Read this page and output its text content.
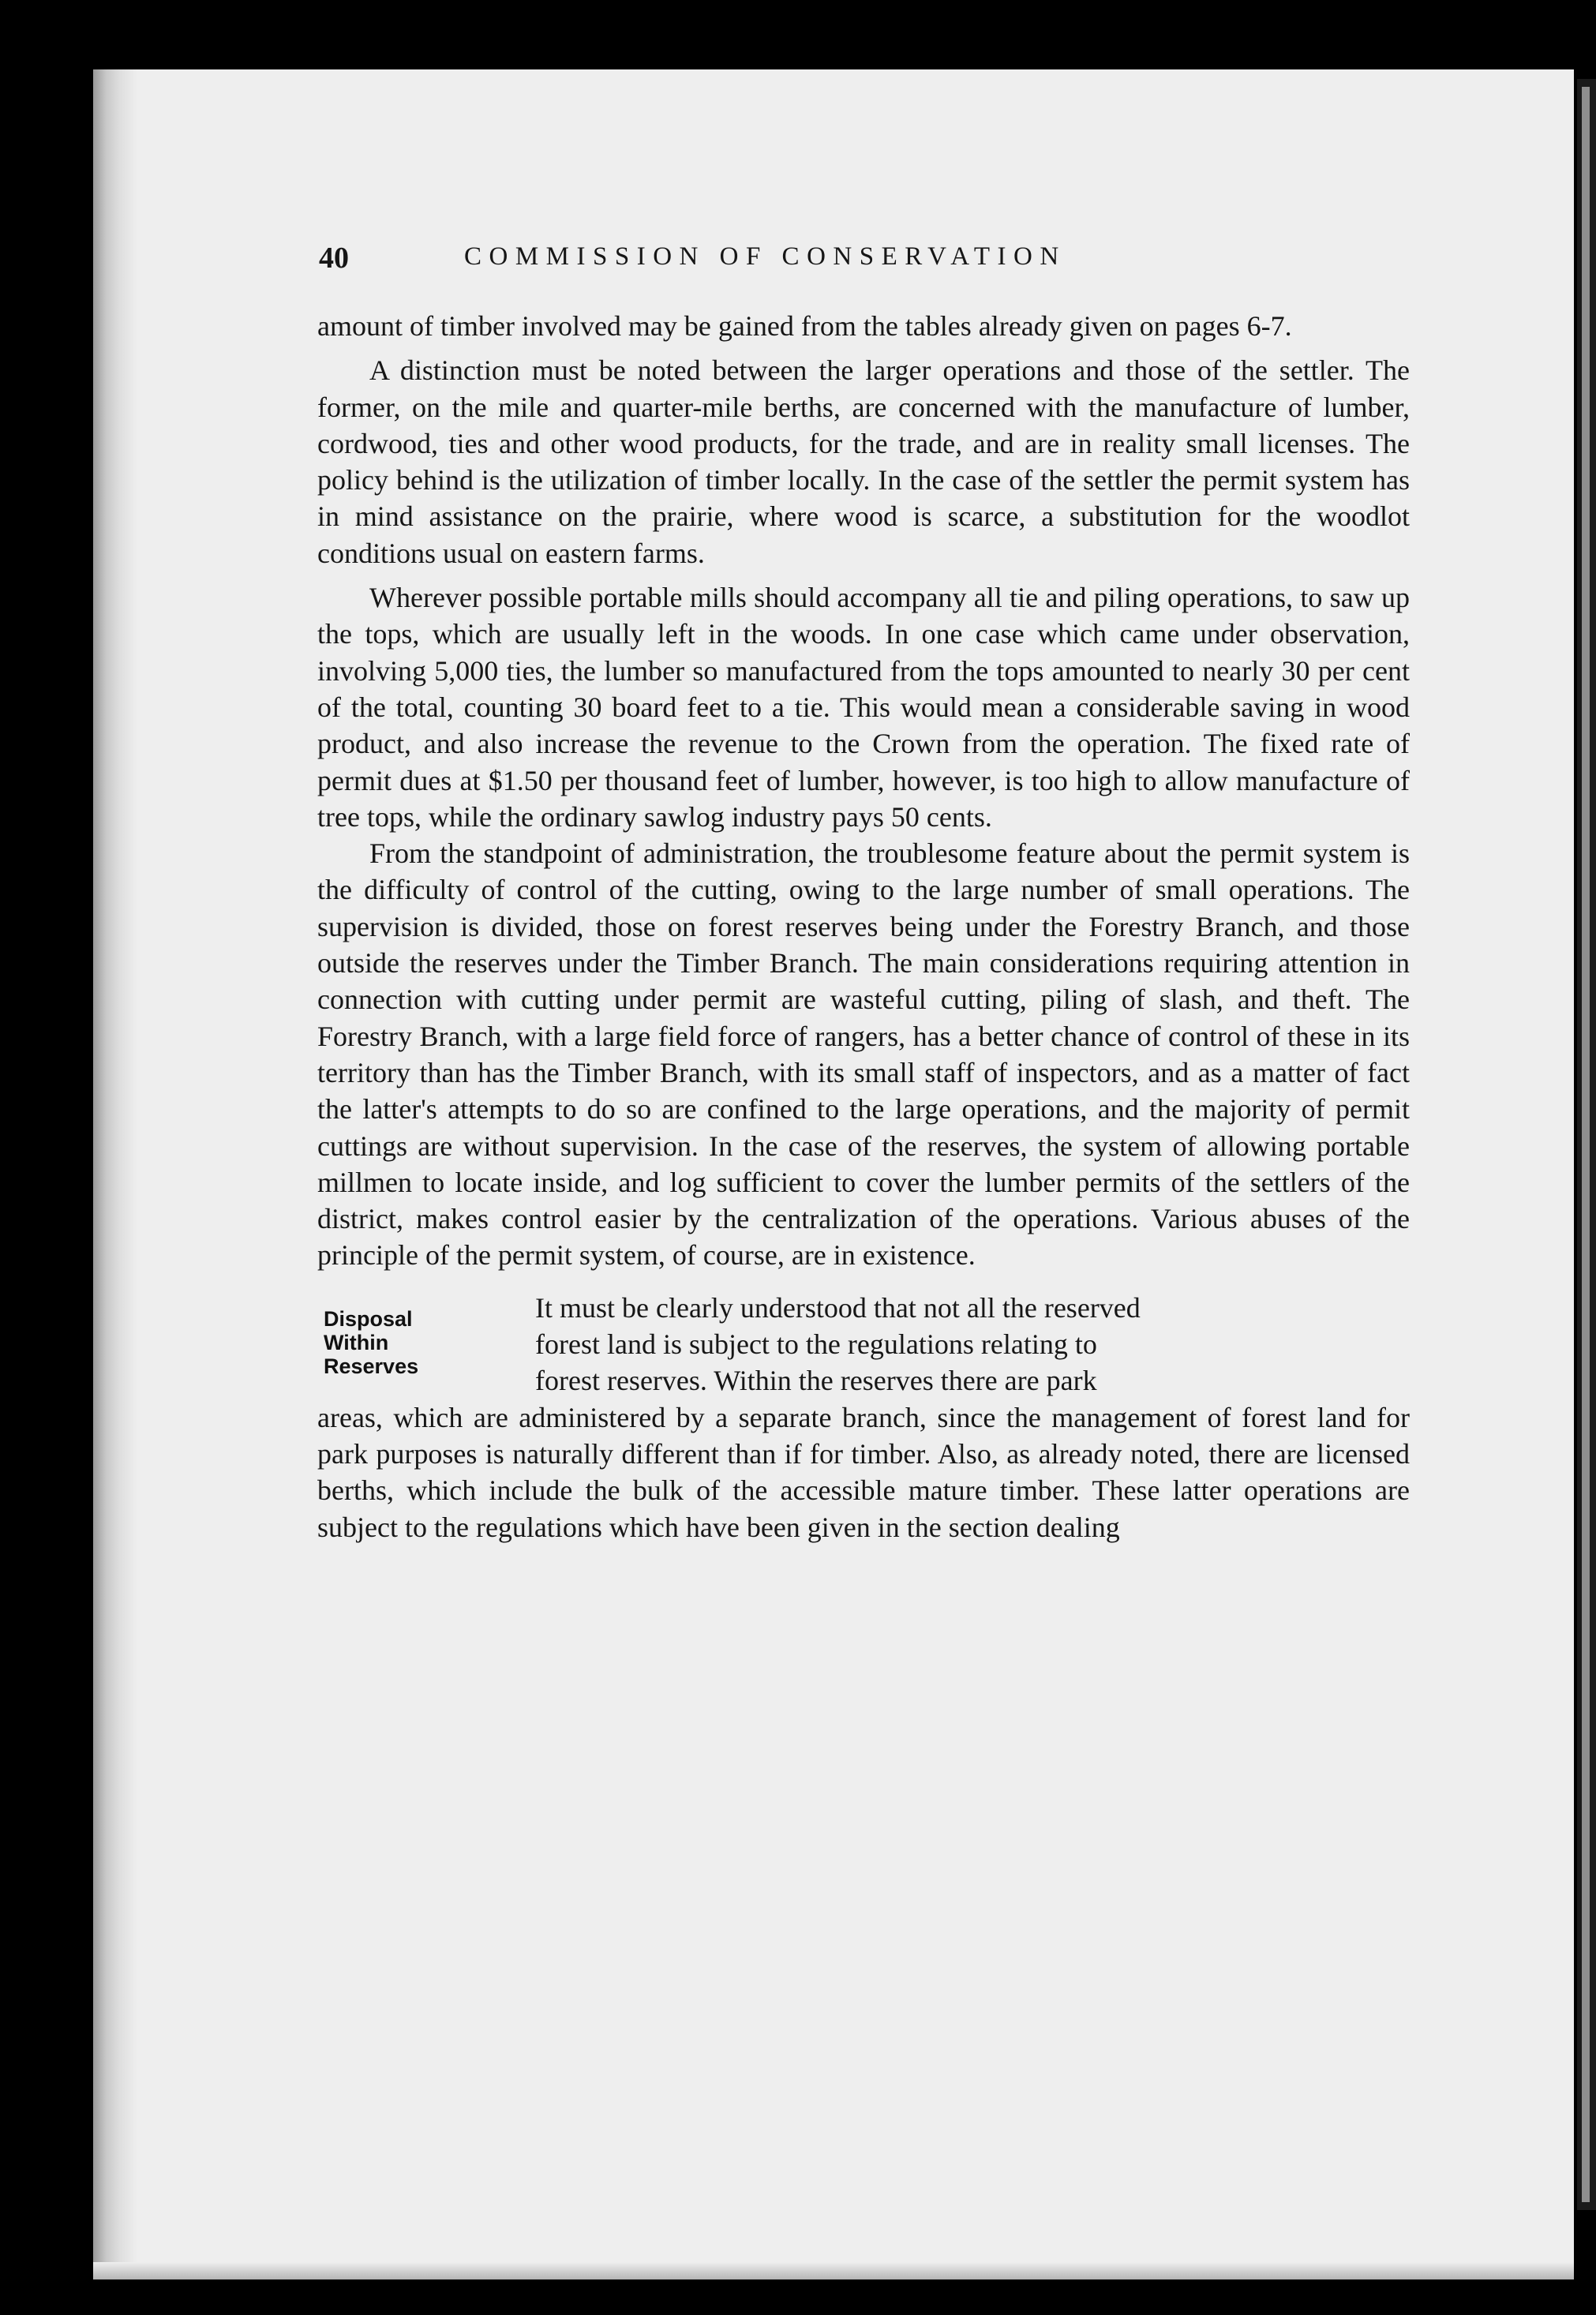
40	COMMISSION OF CONSERVATION

amount of timber involved may be gained from the tables already given on pages 6-7.

A distinction must be noted between the larger operations and those of the settler. The former, on the mile and quarter-mile berths, are concerned with the manufacture of lumber, cordwood, ties and other wood products, for the trade, and are in reality small licenses. The policy behind is the utilization of timber locally. In the case of the settler the permit system has in mind assistance on the prairie, where wood is scarce, a substitution for the woodlot conditions usual on eastern farms.

Wherever possible portable mills should accompany all tie and piling operations, to saw up the tops, which are usually left in the woods. In one case which came under observation, involving 5,000 ties, the lumber so manufactured from the tops amounted to nearly 30 per cent of the total, counting 30 board feet to a tie. This would mean a considerable saving in wood product, and also increase the revenue to the Crown from the operation. The fixed rate of permit dues at $1.50 per thousand feet of lumber, however, is too high to allow manufacture of tree tops, while the ordinary sawlog industry pays 50 cents.

From the standpoint of administration, the troublesome feature about the permit system is the difficulty of control of the cutting, owing to the large number of small operations. The supervision is divided, those on forest reserves being under the Forestry Branch, and those outside the reserves under the Timber Branch. The main considerations requiring attention in connection with cutting under permit are wasteful cutting, piling of slash, and theft. The Forestry Branch, with a large field force of rangers, has a better chance of control of these in its territory than has the Timber Branch, with its small staff of inspectors, and as a matter of fact the latter's attempts to do so are confined to the large operations, and the majority of permit cuttings are without supervision. In the case of the reserves, the system of allowing portable millmen to locate inside, and log sufficient to cover the lumber permits of the settlers of the district, makes control easier by the centralization of the operations. Various abuses of the principle of the permit system, of course, are in existence.

Disposal
Within
Reserves

It must be clearly understood that not all the reserved
forest land is subject to the regulations relating to
forest reserves. Within the reserves there are park
areas, which are administered by a separate branch, since the management of forest land for park purposes is naturally different than if for timber. Also, as already noted, there are licensed berths, which include the bulk of the accessible mature timber. These latter operations are subject to the regulations which have been given in the section dealing
